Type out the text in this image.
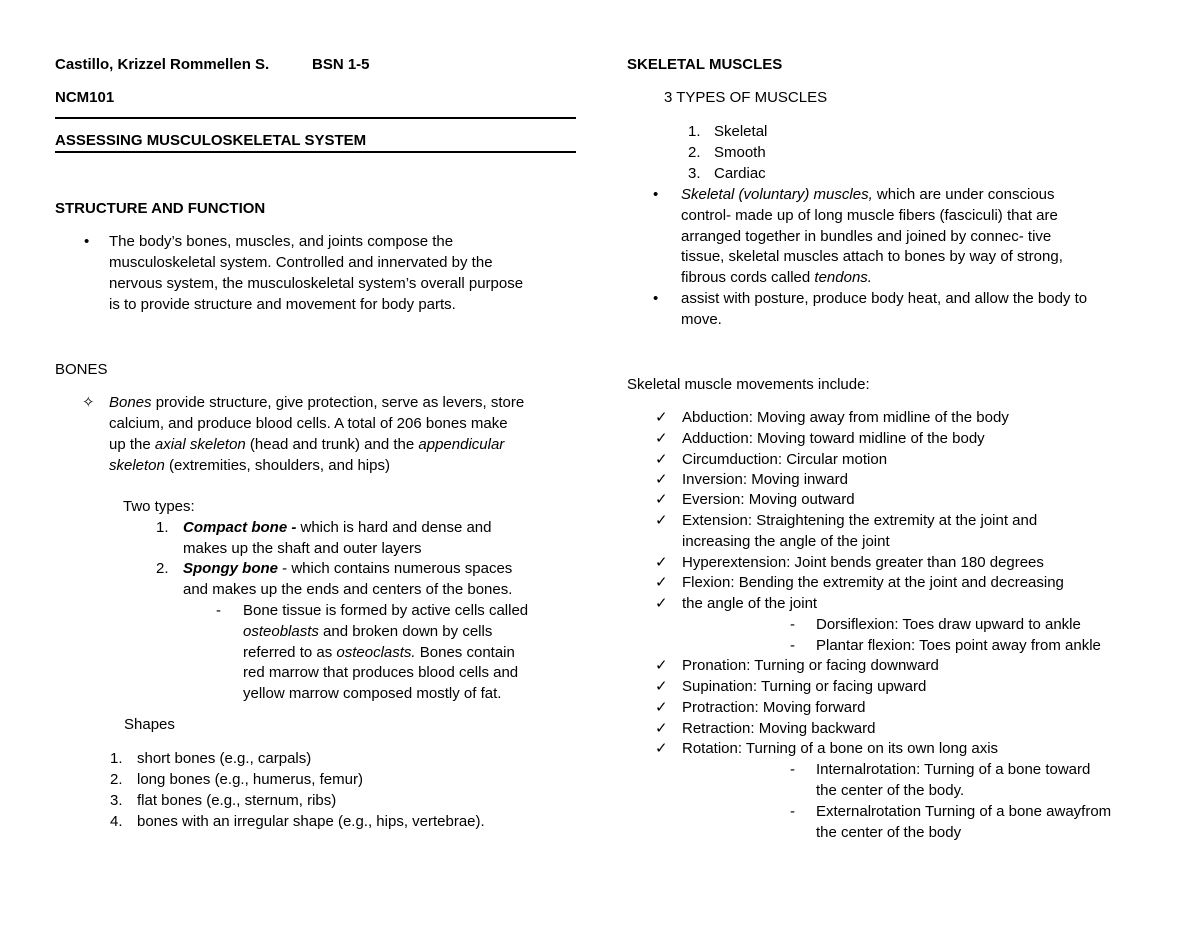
Castillo, Krizzel Rommellen S.	BSN 1-5
NCM101
ASSESSING MUSCULOSKELETAL SYSTEM
STRUCTURE AND FUNCTION
• The body’s bones, muscles, and joints compose the
musculoskeletal system. Controlled and innervated by the
nervous system, the musculoskeletal system’s overall purpose
is to provide structure and movement for body parts.
BONES
✧ Bones provide structure, give protection, serve as levers, store
calcium, and produce blood cells. A total of 206 bones make
up the axial skeleton (head and trunk) and the appendicular
skeleton (extremities, shoulders, and hips)
Two types:
1. Compact bone - which is hard and dense and
makes up the shaft and outer layers
2. Spongy bone - which contains numerous spaces
and makes up the ends and centers of the bones.
- Bone tissue is formed by active cells called
osteoblasts and broken down by cells
referred to as osteoclasts. Bones contain
red marrow that produces blood cells and
yellow marrow composed mostly of fat.
Shapes
1. short bones (e.g., carpals)
2. long bones (e.g., humerus, femur)
3. flat bones (e.g., sternum, ribs)
4. bones with an irregular shape (e.g., hips, vertebrae).
SKELETAL MUSCLES
3 TYPES OF MUSCLES
1. Skeletal
2. Smooth
3. Cardiac
• Skeletal (voluntary) muscles, which are under conscious
control- made up of long muscle fibers (fasciculi) that are
arranged together in bundles and joined by connec- tive
tissue, skeletal muscles attach to bones by way of strong,
fibrous cords called tendons.
• assist with posture, produce body heat, and allow the body to
move.
Skeletal muscle movements include:
✓ Abduction: Moving away from midline of the body
✓ Adduction: Moving toward midline of the body
✓ Circumduction: Circular motion
✓ Inversion: Moving inward
✓ Eversion: Moving outward
✓ Extension: Straightening the extremity at the joint and
increasing the angle of the joint
✓ Hyperextension: Joint bends greater than 180 degrees
✓ Flexion: Bending the extremity at the joint and decreasing
✓ the angle of the joint
- Dorsiflexion: Toes draw upward to ankle
- Plantar flexion: Toes point away from ankle
✓ Pronation: Turning or facing downward
✓ Supination: Turning or facing upward
✓ Protraction: Moving forward
✓ Retraction: Moving backward
✓ Rotation: Turning of a bone on its own long axis
- Internalrotation: Turning of a bone toward
the center of the body.
- Externalrotation Turning of a bone awayfrom
the center of the body
